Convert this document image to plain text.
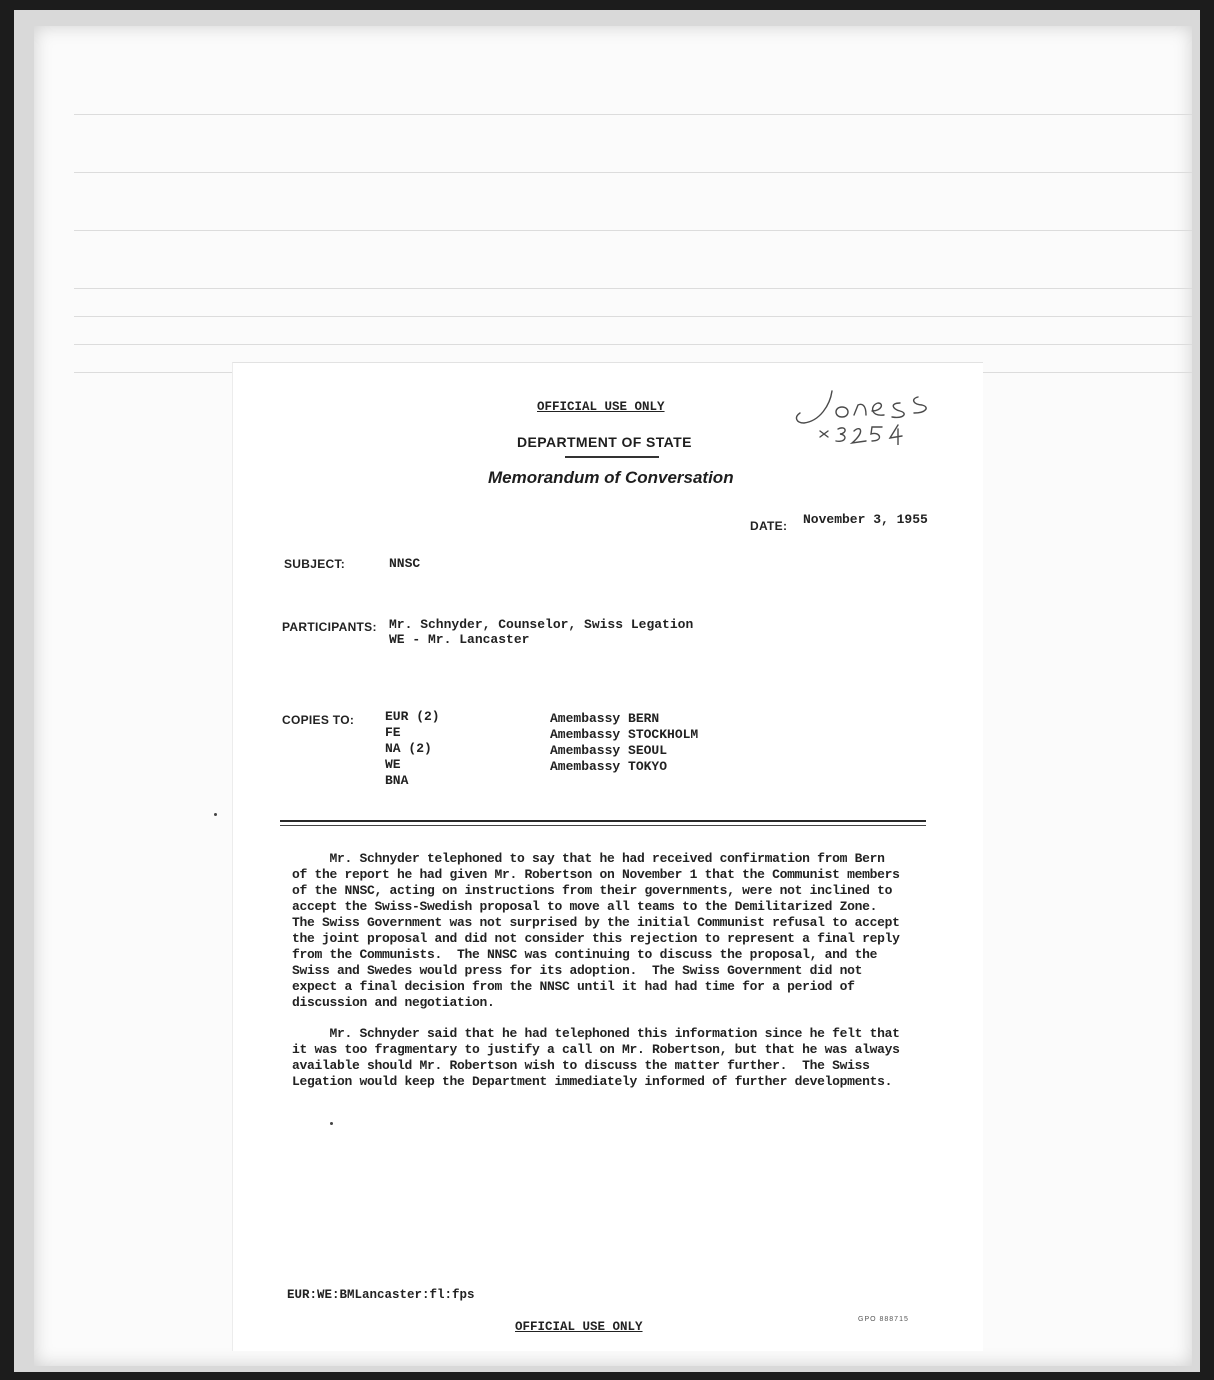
OFFICIAL USE ONLY
DEPARTMENT OF STATE
Memorandum of Conversation
DATE: November 3, 1955
SUBJECT:	NNSC
PARTICIPANTS: Mr. Schnyder, Counselor, Swiss Legation
WE - Mr. Lancaster
COPIES TO: EUR (2)
FE
NA (2)
WE
BNA
Amembassy BERN
Amembassy STOCKHOLM
Amembassy SEOUL
Amembassy TOKYO
Mr. Schnyder telephoned to say that he had received confirmation from Bern
of the report he had given Mr. Robertson on November 1 that the Communist members
of the NNSC, acting on instructions from their governments, were not inclined to
accept the Swiss-Swedish proposal to move all teams to the Demilitarized Zone.
The Swiss Government was not surprised by the initial Communist refusal to accept
the joint proposal and did not consider this rejection to represent a final reply
from the Communists.  The NNSC was continuing to discuss the proposal, and the
Swiss and Swedes would press for its adoption.  The Swiss Government did not
expect a final decision from the NNSC until it had had time for a period of
discussion and negotiation.
Mr. Schnyder said that he had telephoned this information since he felt that
it was too fragmentary to justify a call on Mr. Robertson, but that he was always
available should Mr. Robertson wish to discuss the matter further.  The Swiss
Legation would keep the Department immediately informed of further developments.
EUR:WE:BMLancaster:fl:fps
OFFICIAL USE ONLY
GPO 888715
